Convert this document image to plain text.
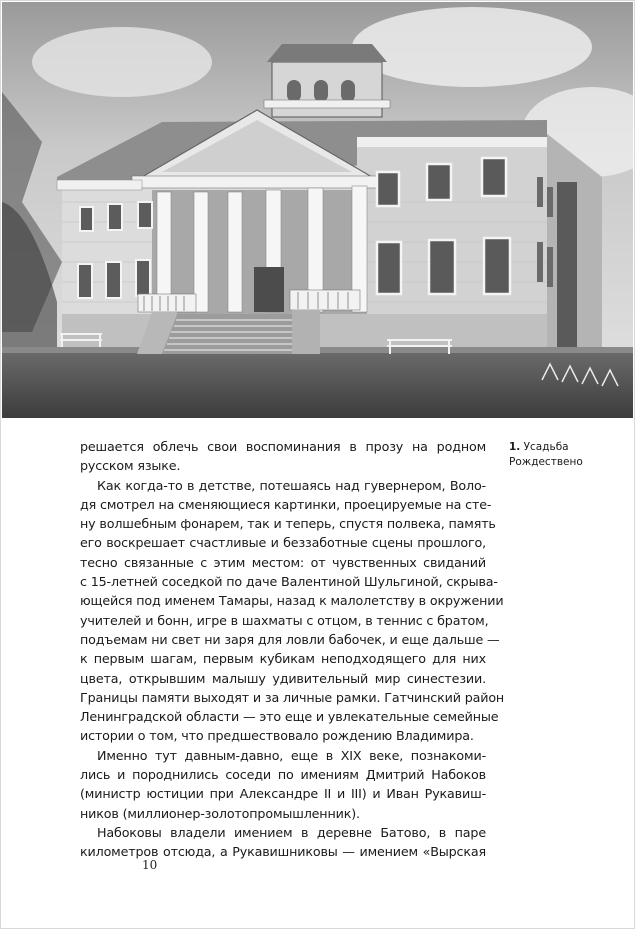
решается облечь свои воспоминания в прозу на родном
русском языке.
Как когда-то в детстве, потешаясь над гувернером, Воло-
дя смотрел на сменяющиеся картинки, проецируемые на сте-
ну волшебным фонарем, так и теперь, спустя полвека, память
его воскрешает счастливые и беззаботные сцены прошлого,
тесно связанные с этим местом: от чувственных свиданий
с 15-летней соседкой по даче Валентиной Шульгиной, скрыва-
ющейся под именем Тамары, назад к малолетству в окружении
учителей и бонн, игре в шахматы с отцом, в теннис с братом,
подъемам ни свет ни заря для ловли бабочек, и еще дальше —
к первым шагам, первым кубикам неподходящего для них
цвета, открывшим малышу удивительный мир синестезии.
Границы памяти выходят и за личные рамки. Гатчинский район
Ленинградской области — это еще и увлекательные семейные
истории о том, что предшествовало рождению Владимира.
Именно тут давным-давно, еще в XIX веке, познакоми-
лись и породнились соседи по имениям Дмитрий Набоков
(министр юстиции при Александре II и III) и Иван Рукавиш-
ников (миллионер-золотопромышленник).
Набоковы владели имением в деревне Батово, в паре
километров отсюда, а Рукавишниковы — имением «Вырская
1. Усадьба
Рождествено
10
